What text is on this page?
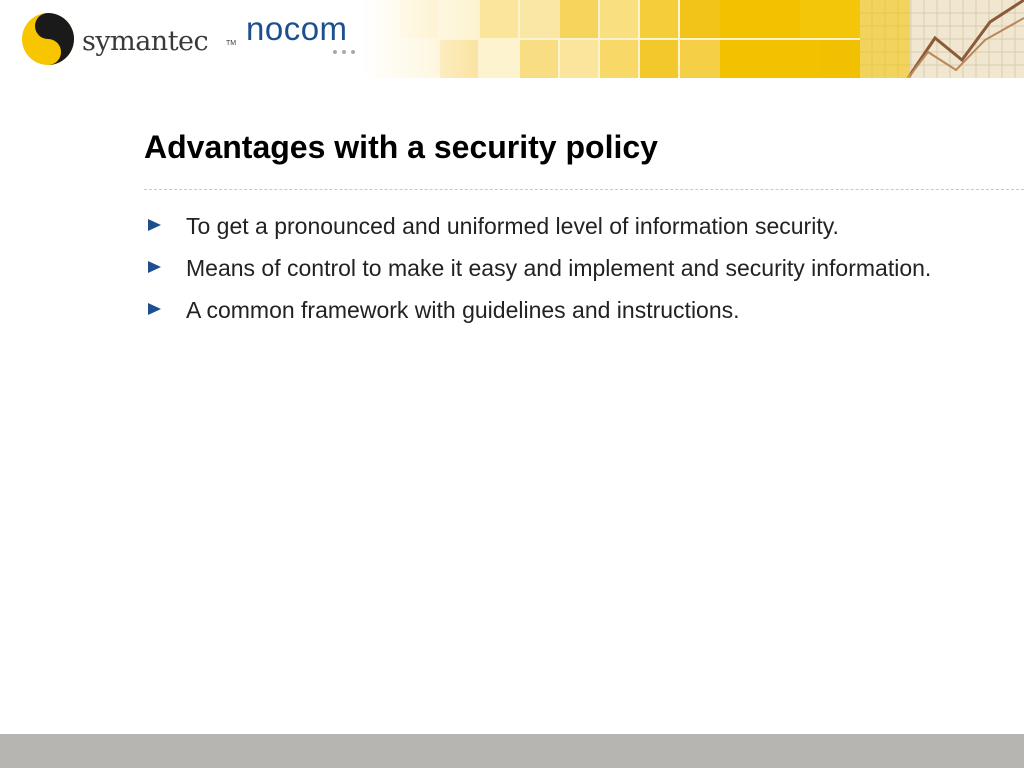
symantec	TM nocom
Advantages with a security policy
To get a pronounced and uniformed level of information security.
Means of control to make it easy and implement and security information.
A common framework with guidelines and instructions.
